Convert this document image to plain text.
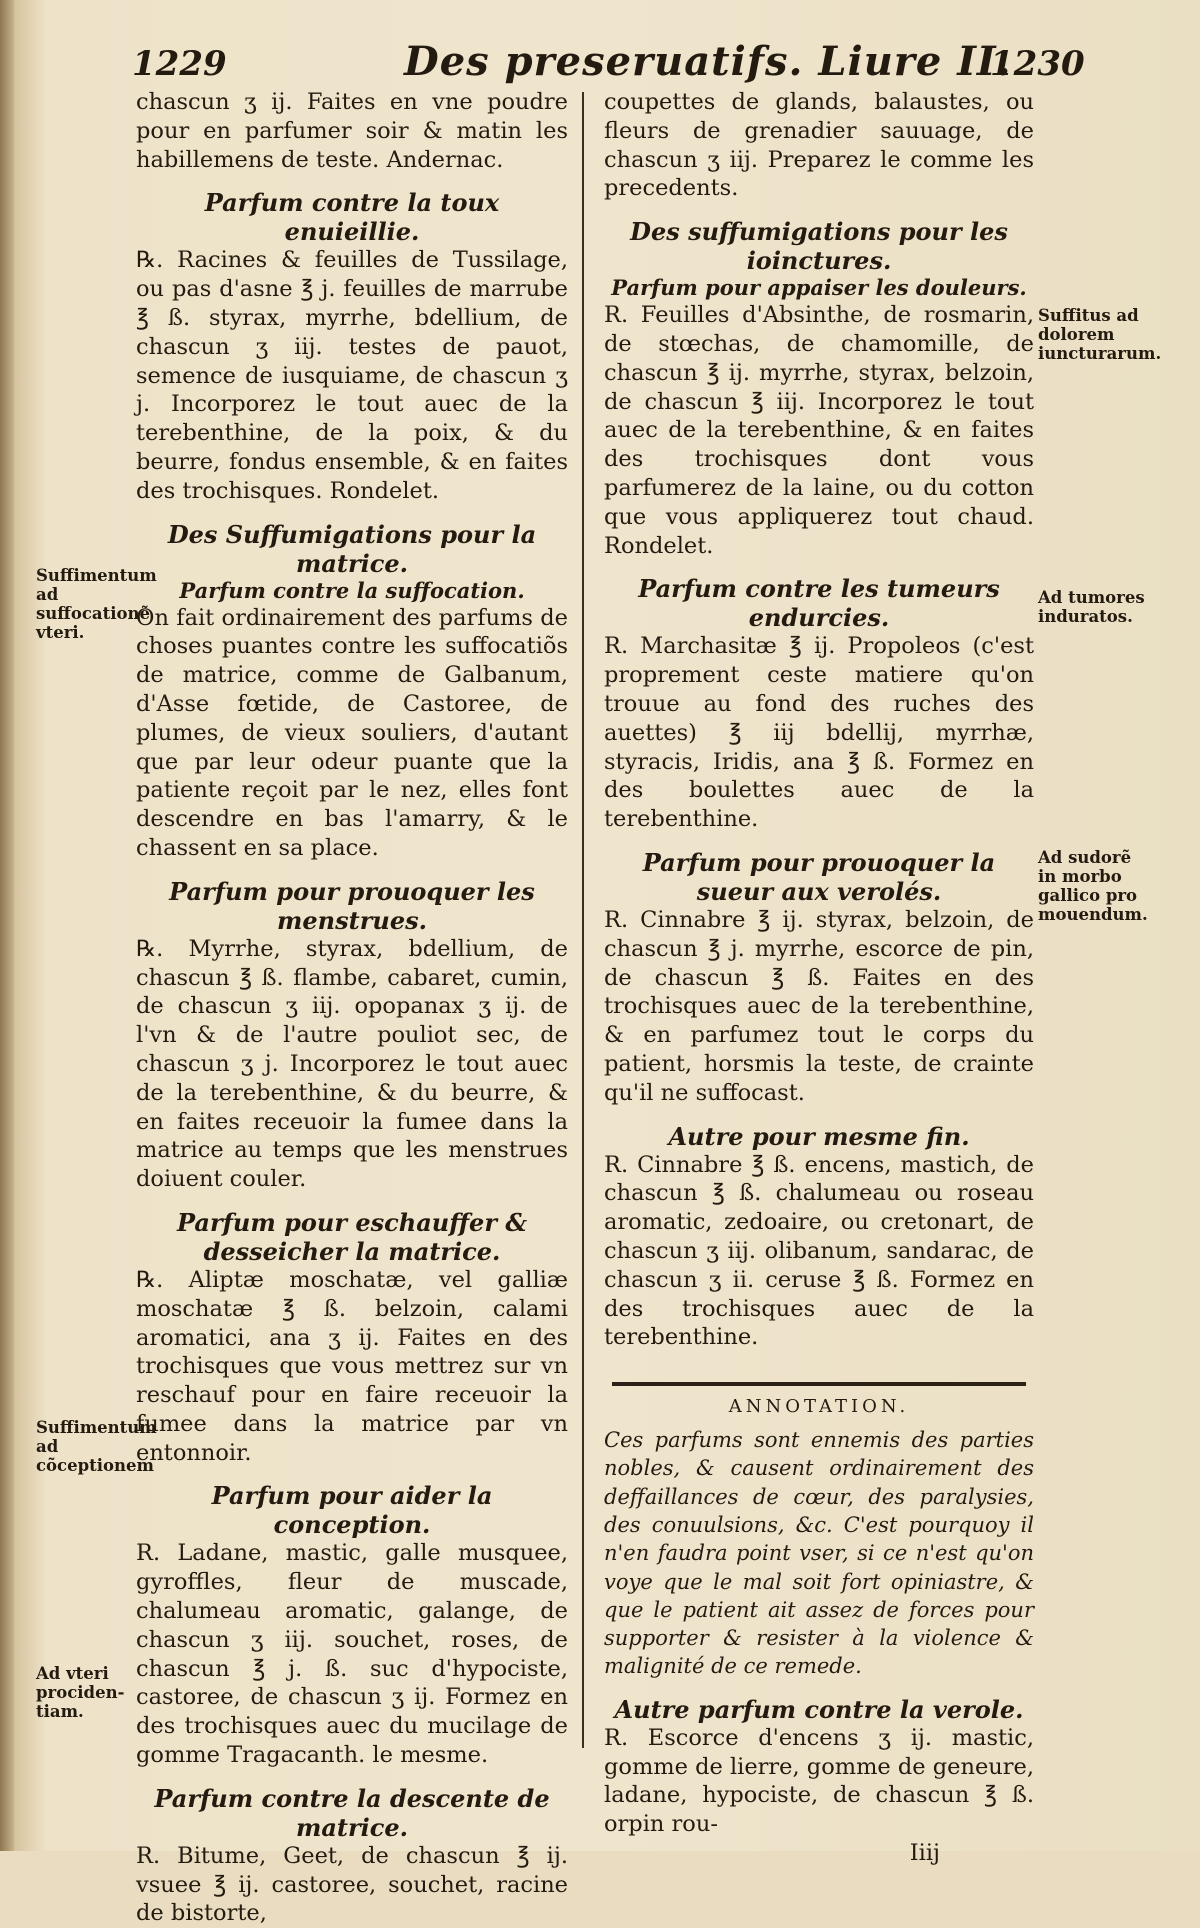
1229	Des preseruatifs. Liure II.
1230
chascun ʒ ij. Faites en vne poudre pour en parfumer soir & matin les habillemens de teste. Andernac.
Parfum contre la toux enuieillie.
℞. Racines & feuilles de Tussilage, ou pas d'asne ℥ j. feuilles de marrube ℥ ß. styrax, myrrhe, bdellium, de chascun ʒ iij. testes de pauot, semence de iusquiame, de chascun ʒ j. Incorporez le tout auec de la terebenthine, de la poix, & du beurre, fondus ensemble, & en faites des trochisques. Rondelet.
Des Suffumigations pour la matrice.
Parfum contre la suffocation.
On fait ordinairement des parfums de choses puantes contre les suffocatiõs de matrice, comme de Galbanum, d'Asse fœtide, de Castoree, de plumes, de vieux souliers, d'autant que par leur odeur puante que la patiente reçoit par le nez, elles font descendre en bas l'amarry, & le chassent en sa place.
Parfum pour prouoquer les menstrues.
℞. Myrrhe, styrax, bdellium, de chascun ℥ ß. flambe, cabaret, cumin, de chascun ʒ iij. opopanax ʒ ij. de l'vn & de l'autre pouliot sec, de chascun ʒ j. Incorporez le tout auec de la terebenthine, & du beurre, & en faites receuoir la fumee dans la matrice au temps que les menstrues doiuent couler.
Parfum pour eschauffer & desseicher la matrice.
℞. Aliptæ moschatæ, vel galliæ moschatæ ℥ ß. belzoin, calami aromatici, ana ʒ ij. Faites en des trochisques que vous mettrez sur vn reschauf pour en faire receuoir la fumee dans la matrice par vn entonnoir.
Parfum pour aider la conception.
R. Ladane, mastic, galle musquee, gyroffles, fleur de muscade, chalumeau aromatic, galange, de chascun ʒ iij. souchet, roses, de chascun ℥ j. ß. suc d'hypociste, castoree, de chascun ʒ ij. Formez en des trochisques auec du mucilage de gomme Tragacanth. le mesme.
Parfum contre la descente de matrice.
R. Bitume, Geet, de chascun ℥ ij. vsuee ℥ ij. castoree, souchet, racine de bistorte,
coupettes de glands, balaustes, ou fleurs de grenadier sauuage, de chascun ʒ iij. Preparez le comme les precedents.
Des suffumigations pour les ioinctures.
Parfum pour appaiser les douleurs.
R. Feuilles d'Absinthe, de rosmarin, de stœchas, de chamomille, de chascun ℥ ij. myrrhe, styrax, belzoin, de chascun ℥ iij. Incorporez le tout auec de la terebenthine, & en faites des trochisques dont vous parfumerez de la laine, ou du cotton que vous appliquerez tout chaud. Rondelet.
Parfum contre les tumeurs endurcies.
R. Marchasitæ ℥ ij. Propoleos (c'est proprement ceste matiere qu'on trouue au fond des ruches des auettes) ℥ iij bdellij, myrrhæ, styracis, Iridis, ana ℥ ß. Formez en des boulettes auec de la terebenthine.
Parfum pour prouoquer la sueur aux verolés.
R. Cinnabre ℥ ij. styrax, belzoin, de chascun ℥ j. myrrhe, escorce de pin, de chascun ℥ ß. Faites en des trochisques auec de la terebenthine, & en parfumez tout le corps du patient, horsmis la teste, de crainte qu'il ne suffocast.
Autre pour mesme fin.
R. Cinnabre ℥ ß. encens, mastich, de chascun ℥ ß. chalumeau ou roseau aromatic, zedoaire, ou cretonart, de chascun ʒ iij. olibanum, sandarac, de chascun ʒ ii. ceruse ℥ ß. Formez en des trochisques auec de la terebenthine.
ANNOTATION.
Ces parfums sont ennemis des parties nobles, & causent ordinairement des deffaillances de cœur, des paralysies, des conuulsions, &c. C'est pourquoy il n'en faudra point vser, si ce n'est qu'on voye que le mal soit fort opiniastre, & que le patient ait assez de forces pour supporter & resister à la violence & malignité de ce remede.
Autre parfum contre la verole.
R. Escorce d'encens ʒ ij. mastic, gomme de lierre, gomme de geneure, ladane, hypociste, de chascun ℥ ß. orpin rou-
Iiij
Suffimentum ad suffocationẽ vteri.
Suffimentum ad cõceptionem
Ad vteri prociden-tiam.
Suffitus ad dolorem iuncturarum.
Ad tumores induratos.
Ad sudorẽ in morbo gallico pro mouendum.
